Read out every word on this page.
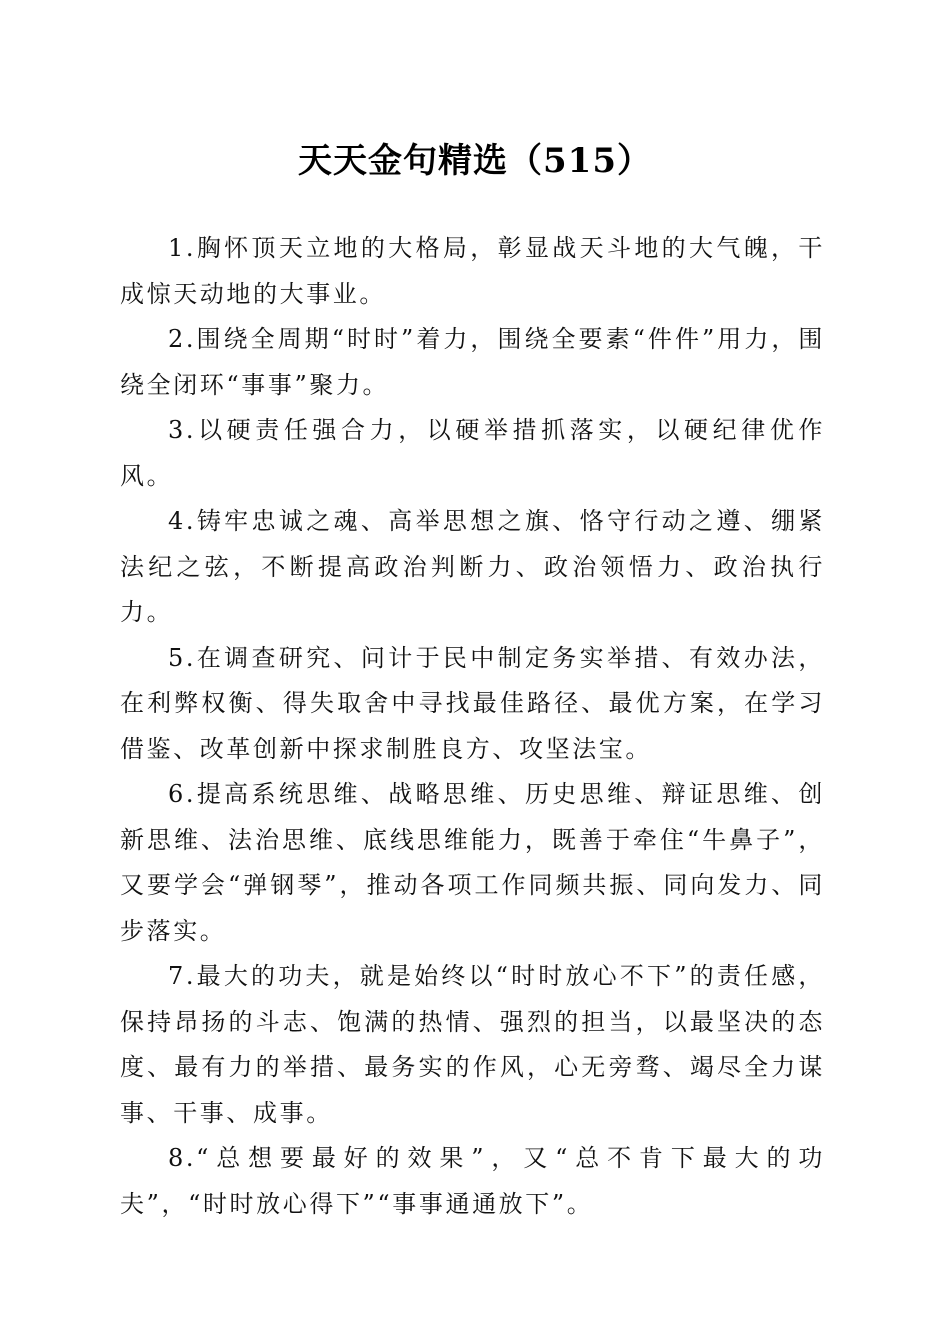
天天金句精选（515）

1.胸怀顶天立地的大格局，彰显战天斗地的大气魄，干成惊天动地的大事业。

2.围绕全周期“时时”着力，围绕全要素“件件”用力，围绕全闭环“事事”聚力。

3.以硬责任强合力，以硬举措抓落实，以硬纪律优作风。

4.铸牢忠诚之魂、高举思想之旗、恪守行动之遵、绷紧法纪之弦，不断提高政治判断力、政治领悟力、政治执行力。

5.在调查研究、问计于民中制定务实举措、有效办法，在利弊权衡、得失取舍中寻找最佳路径、最优方案，在学习借鉴、改革创新中探求制胜良方、攻坚法宝。

6.提高系统思维、战略思维、历史思维、辩证思维、创新思维、法治思维、底线思维能力，既善于牵住“牛鼻子”，又要学会“弹钢琴”，推动各项工作同频共振、同向发力、同步落实。

7.最大的功夫，就是始终以“时时放心不下”的责任感，保持昂扬的斗志、饱满的热情、强烈的担当，以最坚决的态度、最有力的举措、最务实的作风，心无旁骛、竭尽全力谋事、干事、成事。

8.“总想要最好的效果”，又“总不肯下最大的功夫”，“时时放心得下”“事事通通放下”。
